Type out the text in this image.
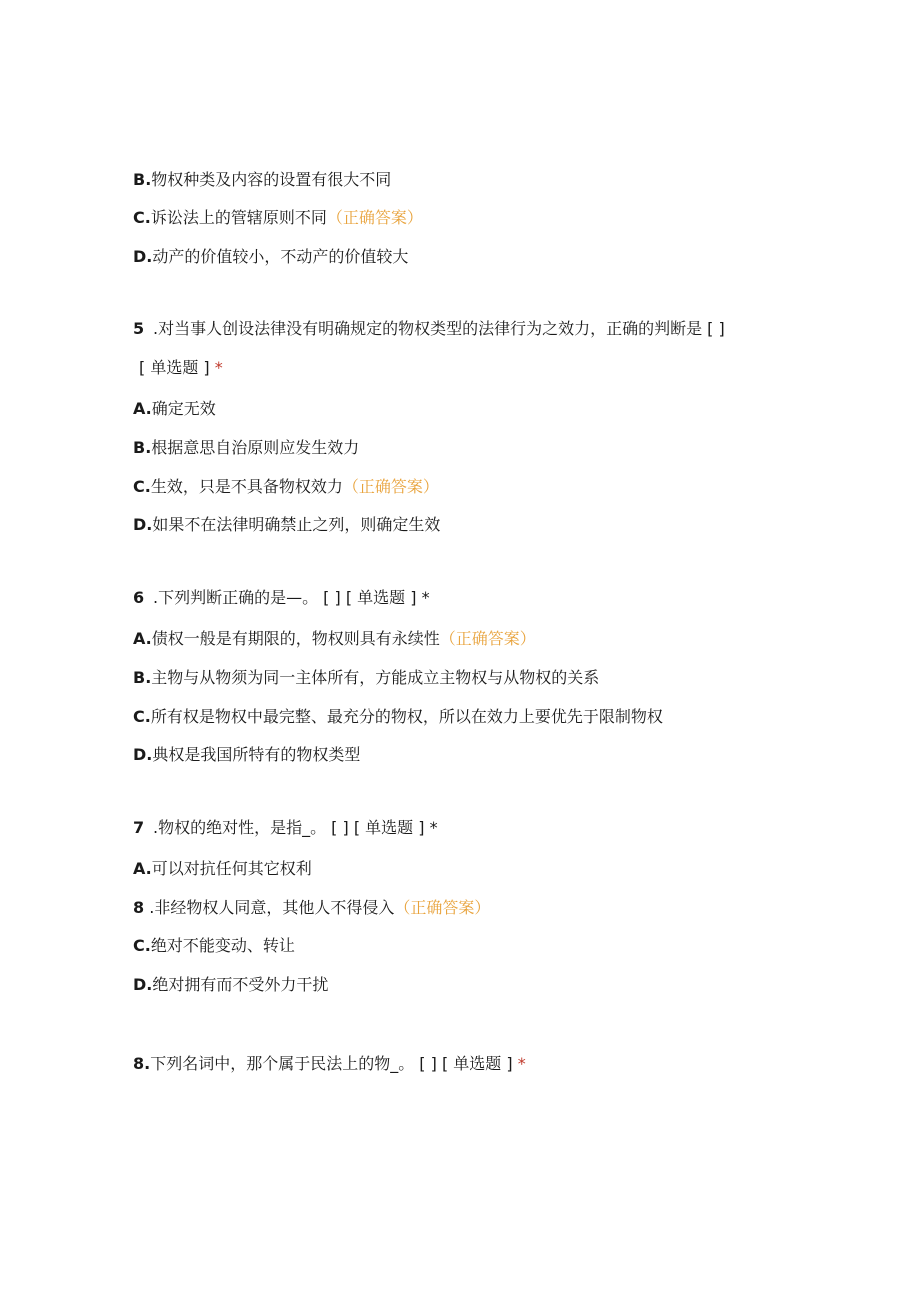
B.物权种类及内容的设置有很大不同
C.诉讼法上的管辖原则不同（正确答案）
D.动产的价值较小，不动产的价值较大
5 .对当事人创设法律没有明确规定的物权类型的法律行为之效力，正确的判断是 [ ]
[ 单选题 ] *
A.确定无效
B.根据意思自治原则应发生效力
C.生效，只是不具备物权效力（正确答案）
D.如果不在法律明确禁止之列，则确定生效
6 .下列判断正确的是—。 [ ] [ 单选题 ] *
A.债权一般是有期限的，物权则具有永续性（正确答案）
B.主物与从物须为同一主体所有，方能成立主物权与从物权的关系
C.所有权是物权中最完整、最充分的物权，所以在效力上要优先于限制物权
D.典权是我国所特有的物权类型
7 .物权的绝对性，是指_。 [ ] [ 单选题 ] *
A.可以对抗任何其它权利
8 .非经物权人同意，其他人不得侵入（正确答案）
C.绝对不能变动、转让
D.绝对拥有而不受外力干扰
8.下列名词中，那个属于民法上的物_。 [ ] [ 单选题 ] *
